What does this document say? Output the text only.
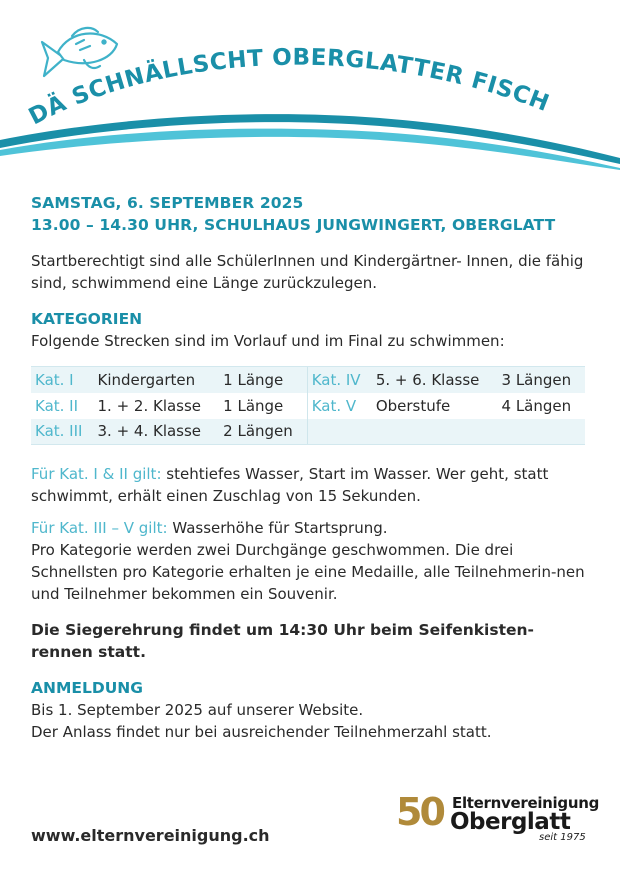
DÄ SCHNÄLLSCHT OBERGLATTER FISCH
SAMSTAG, 6. SEPTEMBER 2025
13.00 – 14.30 UHR, SCHULHAUS JUNGWINGERT, OBERGLATT
Startberechtigt sind alle SchülerInnen und Kindergärtner- Innen, die fähig sind, schwimmend eine Länge zurückzulegen.
KATEGORIEN
Folgende Strecken sind im Vorlauf und im Final zu schwimmen:
Kat. I	Kindergarten	1 Länge	Kat. IV	5. + 6. Klasse	3 Längen
Kat. II	1. + 2. Klasse	1 Länge	Kat. V	Oberstufe	4 Längen
Kat. III	3. + 4. Klasse	2 Längen			

Für Kat. I & II gilt: stehtiefes Wasser, Start im Wasser. Wer geht, statt schwimmt, erhält einen Zuschlag von 15 Sekunden.

Für Kat. III – V gilt: Wasserhöhe für Startsprung.
Pro Kategorie werden zwei Durchgänge geschwommen. Die drei Schnellsten pro Kategorie erhalten je eine Medaille, alle Teilnehmerin-nen und Teilnehmer bekommen ein Souvenir.

Die Siegerehrung findet um 14:30 Uhr beim Seifenkisten-rennen statt.
ANMELDUNG
Bis 1. September 2025 auf unserer Website.
Der Anlass findet nur bei ausreichender Teilnehmerzahl statt.
www.elternvereinigung.ch
50 Elternvereinigung
Oberglatt
seit 1975
